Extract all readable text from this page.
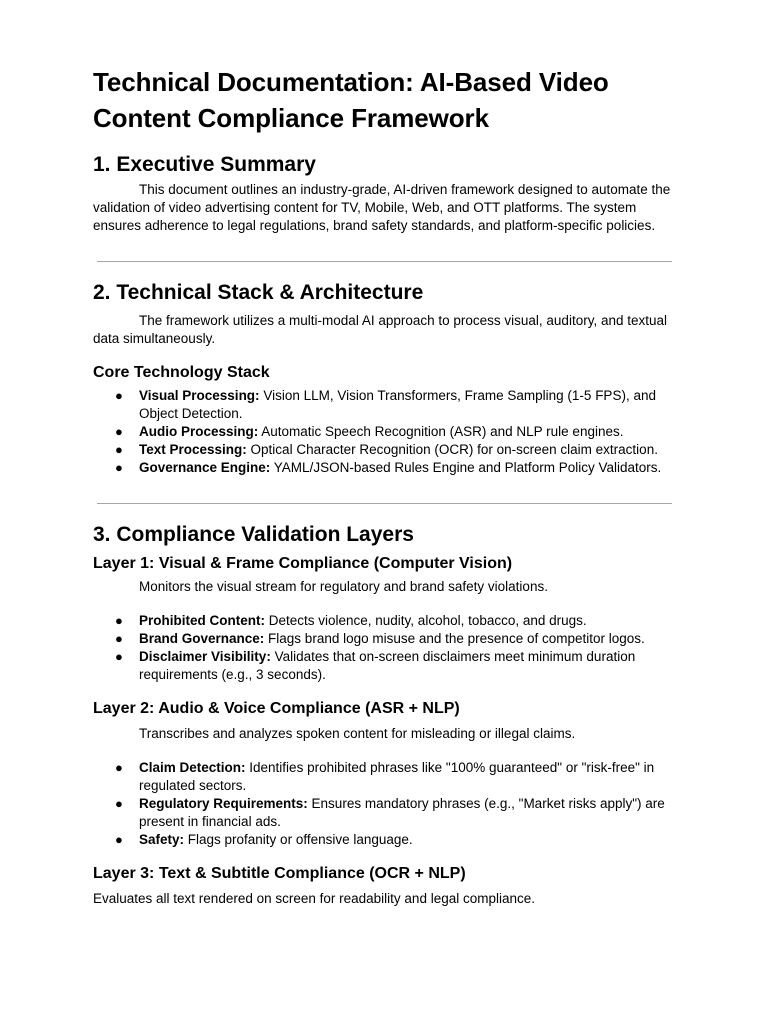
Technical Documentation: AI-Based Video Content Compliance Framework
1. Executive Summary

This document outlines an industry-grade, AI-driven framework designed to automate the validation of video advertising content for TV, Mobile, Web, and OTT platforms. The system ensures adherence to legal regulations, brand safety standards, and platform-specific policies.

2. Technical Stack & Architecture

The framework utilizes a multi-modal AI approach to process visual, auditory, and textual data simultaneously.

Core Technology Stack
● Visual Processing: Vision LLM, Vision Transformers, Frame Sampling (1-5 FPS), and Object Detection.
● Audio Processing: Automatic Speech Recognition (ASR) and NLP rule engines.
● Text Processing: Optical Character Recognition (OCR) for on-screen claim extraction.
● Governance Engine: YAML/JSON-based Rules Engine and Platform Policy Validators.
3. Compliance Validation Layers
Layer 1: Visual & Frame Compliance (Computer Vision)

Monitors the visual stream for regulatory and brand safety violations.

● Prohibited Content: Detects violence, nudity, alcohol, tobacco, and drugs.
● Brand Governance: Flags brand logo misuse and the presence of competitor logos.
● Disclaimer Visibility: Validates that on-screen disclaimers meet minimum duration requirements (e.g., 3 seconds).
Layer 2: Audio & Voice Compliance (ASR + NLP)

Transcribes and analyzes spoken content for misleading or illegal claims.

● Claim Detection: Identifies prohibited phrases like "100% guaranteed" or "risk-free" in regulated sectors.
● Regulatory Requirements: Ensures mandatory phrases (e.g., "Market risks apply") are present in financial ads.
● Safety: Flags profanity or offensive language.
Layer 3: Text & Subtitle Compliance (OCR + NLP)

Evaluates all text rendered on screen for readability and legal compliance.
